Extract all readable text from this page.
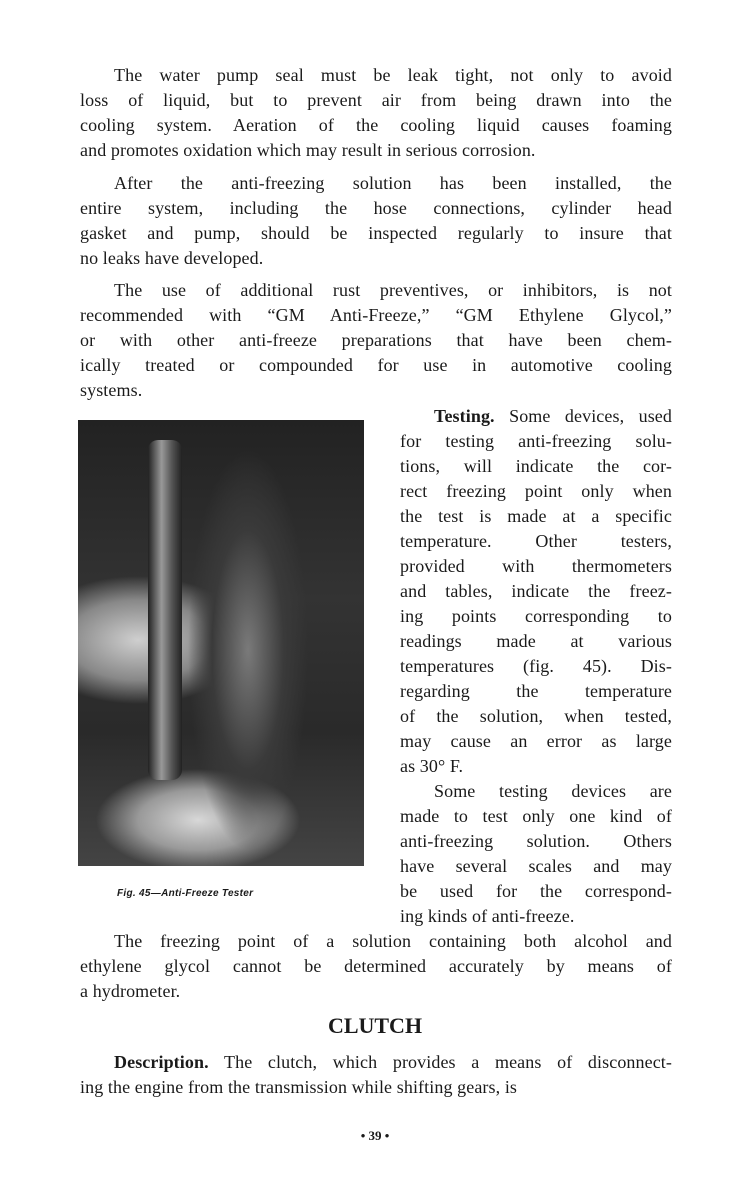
The water pump seal must be leak tight, not only to avoid
loss of liquid, but to prevent air from being drawn into the
cooling system. Aeration of the cooling liquid causes foaming
and promotes oxidation which may result in serious corrosion.
After the anti-freezing solution has been installed, the
entire system, including the hose connections, cylinder head
gasket and pump, should be inspected regularly to insure that
no leaks have developed.
The use of additional rust preventives, or inhibitors, is not
recommended with “GM Anti-Freeze,” “GM Ethylene Glycol,”
or with other anti-freeze preparations that have been chem-
ically treated or compounded for use in automotive cooling
systems.
Fig. 45—Anti-Freeze Tester
Testing. Some devices, used
for testing anti-freezing solu-
tions, will indicate the cor-
rect freezing point only when
the test is made at a specific
temperature. Other testers,
provided with thermometers
and tables, indicate the freez-
ing points corresponding to
readings made at various
temperatures (fig. 45). Dis-
regarding the temperature
of the solution, when tested,
may cause an error as large
as 30° F.
Some testing devices are
made to test only one kind of
anti-freezing solution. Others
have several scales and may
be used for the correspond-
ing kinds of anti-freeze.
The freezing point of a solution containing both alcohol and
ethylene glycol cannot be determined accurately by means of
a hydrometer.
CLUTCH
Description. The clutch, which provides a means of disconnect-
ing the engine from the transmission while shifting gears, is
• 39 •
